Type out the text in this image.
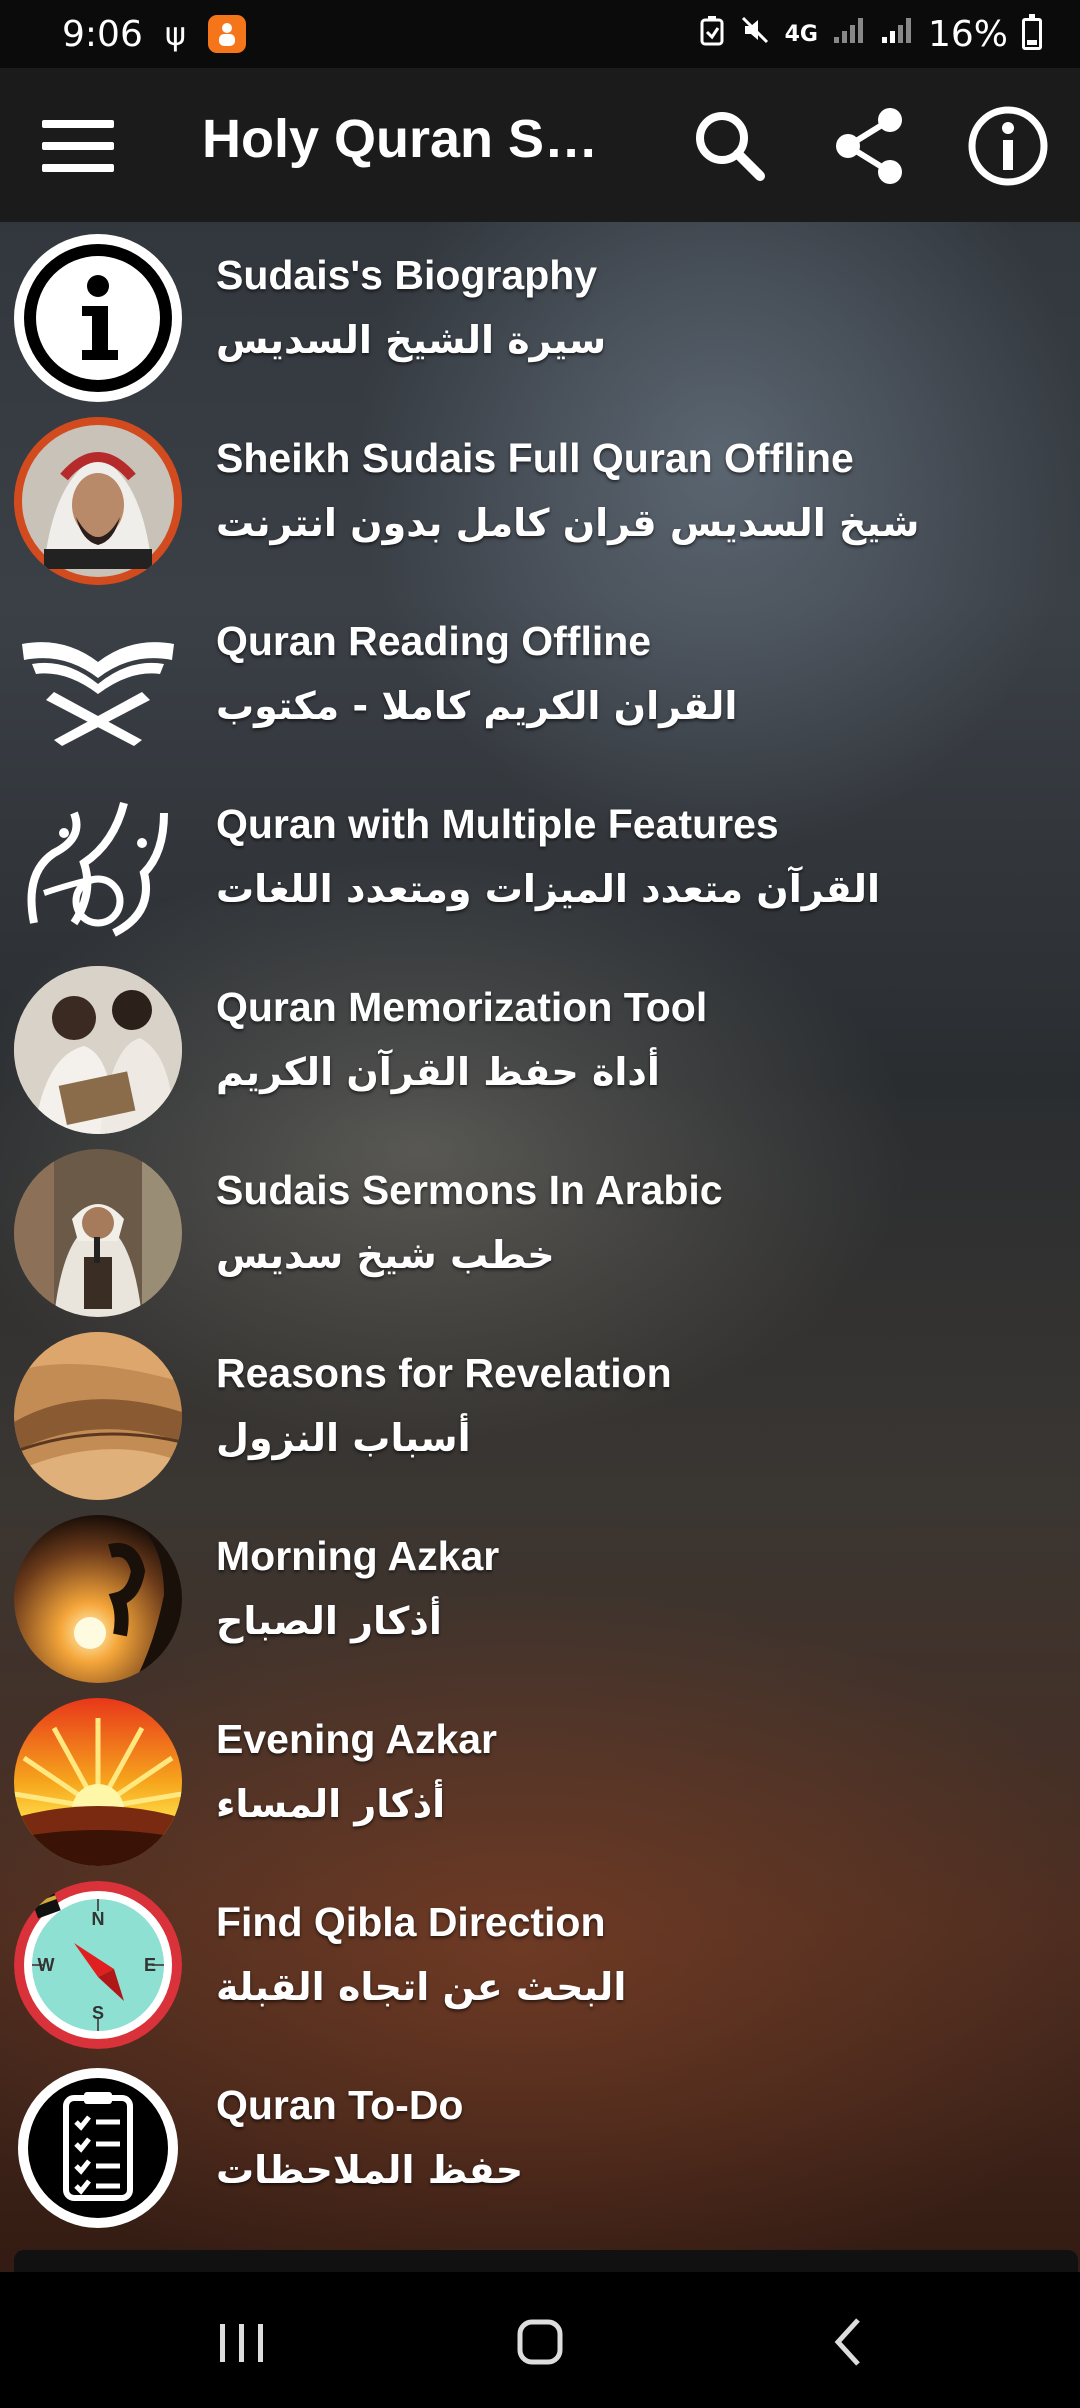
9:06 ψ	4G	16%
Holy Quran Su...
Sudais's Biography
سيرة الشيخ السديس
Sheikh Sudais Full Quran Offline
شيخ السديس قران كامل بدون انترنت
Quran Reading Offline
القران الكريم كاملا - مكتوب
Quran with Multiple Features
القرآن متعدد الميزات ومتعدد اللغات
Quran Memorization Tool
أداة حفظ القرآن الكريم
Sudais Sermons In Arabic
خطب شيخ سديس
Reasons for Revelation
أسباب النزول
Morning Azkar
أذكار الصباح
Evening Azkar
أذكار المساء
N
S
W	E
Find Qibla Direction
البحث عن اتجاه القبلة
Quran To-Do
حفظ الملاحظات
